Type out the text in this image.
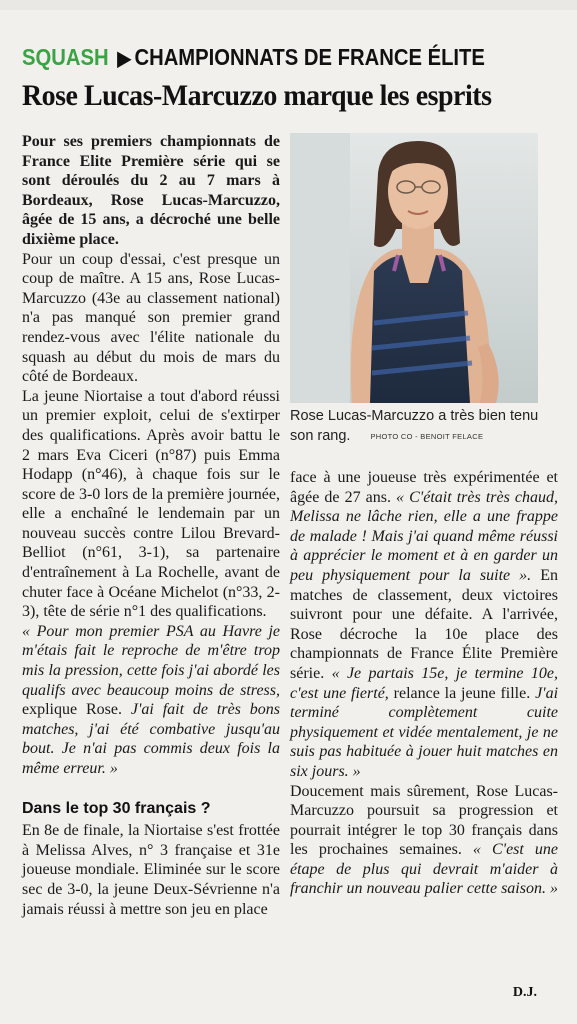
SQUASH ▶ CHAMPIONNATS DE FRANCE ÉLITE
Rose Lucas-Marcuzzo marque les esprits

Pour ses premiers championnats de France Elite Première série qui se sont déroulés du 2 au 7 mars à Bordeaux, Rose Lucas-Marcuzzo, âgée de 15 ans, a décroché une belle dixième place.

Pour un coup d'essai, c'est presque un coup de maître. A 15 ans, Rose Lucas-Marcuzzo (43e au classement national) n'a pas manqué son premier grand rendez-vous avec l'élite nationale du squash au début du mois de mars du côté de Bordeaux.

La jeune Niortaise a tout d'abord réussi un premier exploit, celui de s'extirper des qualifications. Après avoir battu le 2 mars Eva Ciceri (n°87) puis Emma Hodapp (n°46), à chaque fois sur le score de 3-0 lors de la première journée, elle a enchaîné le lendemain par un nouveau succès contre Lilou Brevard-Belliot (n°61, 3-1), sa partenaire d'entraînement à La Rochelle, avant de chuter face à Océane Michelot (n°33, 2-3), tête de série n°1 des qualifications.

« Pour mon premier PSA au Havre je m'étais fait le reproche de m'être trop mis la pression, cette fois j'ai abordé les qualifs avec beaucoup moins de stress, explique Rose. J'ai fait de très bons matches, j'ai été combative jusqu'au bout. Je n'ai pas commis deux fois la même erreur. »

Dans le top 30 français ?

En 8e de finale, la Niortaise s'est frottée à Melissa Alves, n° 3 française et 31e joueuse mondiale. Eliminée sur le score sec de 3-0, la jeune Deux-Sévrienne n'a jamais réussi à mettre son jeu en place

Rose Lucas-Marcuzzo a très bien tenu son rang.	PHOTO CO - BENOIT FELACE

face à une joueuse très expérimentée et âgée de 27 ans. « C'était très très chaud, Melissa ne lâche rien, elle a une frappe de malade ! Mais j'ai quand même réussi à apprécier le moment et à en garder un peu physiquement pour la suite ». En matches de classement, deux victoires suivront pour une défaite. A l'arrivée, Rose décroche la 10e place des championnats de France Élite Première série. « Je partais 15e, je termine 10e, c'est une fierté, relance la jeune fille. J'ai terminé complètement cuite physiquement et vidée mentalement, je ne suis pas habituée à jouer huit matches en six jours. »

Doucement mais sûrement, Rose Lucas-Marcuzzo poursuit sa progression et pourrait intégrer le top 30 français dans les prochaines semaines. « C'est une étape de plus qui devrait m'aider à franchir un nouveau palier cette saison. »

D.J.
